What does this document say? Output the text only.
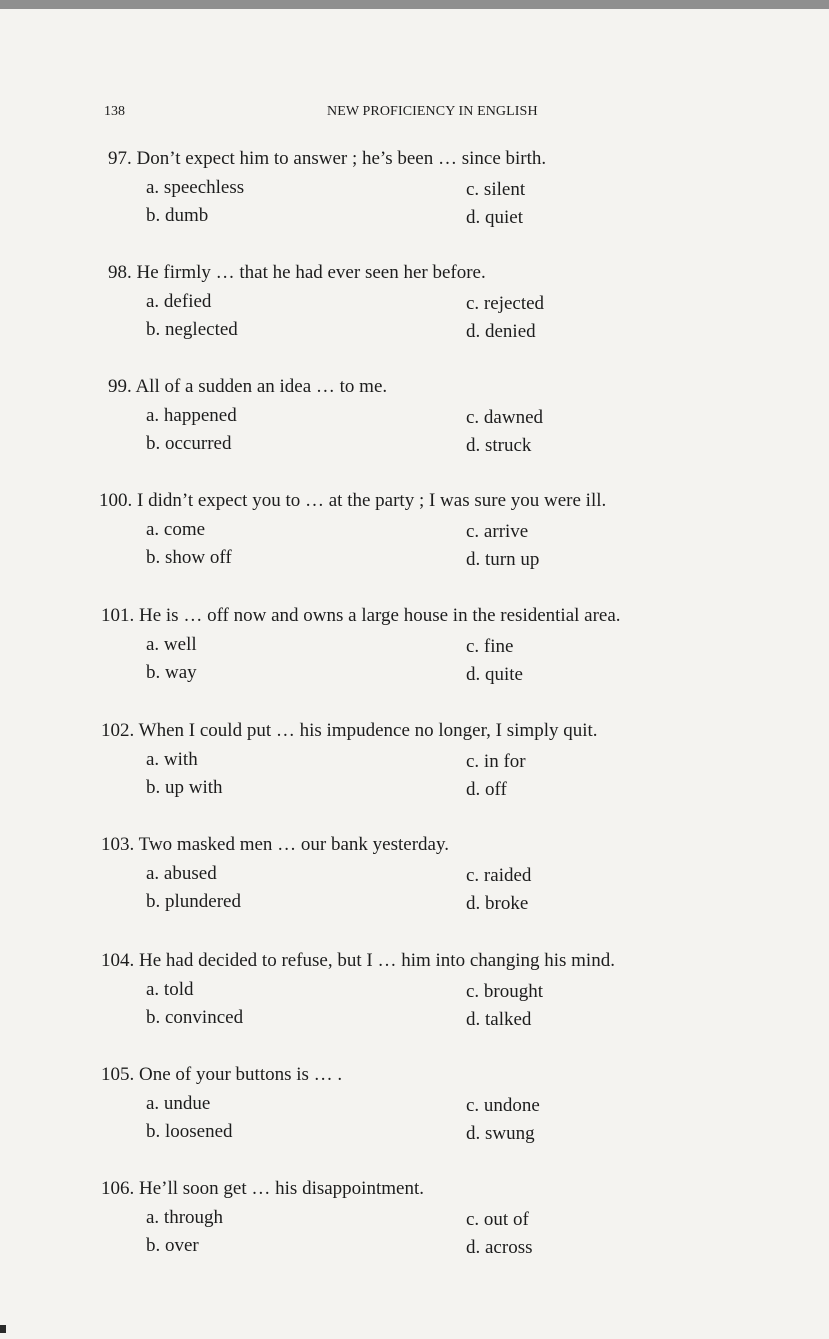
138	NEW PROFICIENCY IN ENGLISH
97. Don’t expect him to answer ; he’s been … since birth.
a. speechless
b. dumb
c. silent
d. quiet
98. He firmly … that he had ever seen her before.
a. defied
b. neglected
c. rejected
d. denied
99. All of a sudden an idea … to me.
a. happened
b. occurred
c. dawned
d. struck
100. I didn’t expect you to … at the party ; I was sure you were ill.
a. come
b. show off
c. arrive
d. turn up
101. He is … off now and owns a large house in the residential area.
a. well
b. way
c. fine
d. quite
102. When I could put … his impudence no longer, I simply quit.
a. with
b. up with
c. in for
d. off
103. Two masked men … our bank yesterday.
a. abused
b. plundered
c. raided
d. broke
104. He had decided to refuse, but I … him into changing his mind.
a. told
b. convinced
c. brought
d. talked
105. One of your buttons is … .
a. undue
b. loosened
c. undone
d. swung
106. He’ll soon get … his disappointment.
a. through
b. over
c. out of
d. across
